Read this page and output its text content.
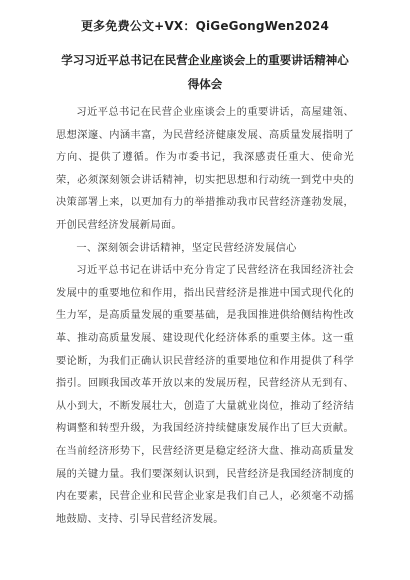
更多免费公文+VX：QiGeGongWen2024
学习习近平总书记在民营企业座谈会上的重要讲话精神心得体会

习近平总书记在民营企业座谈会上的重要讲话，高屋建瓴、思想深邃、内涵丰富，为民营经济健康发展、高质量发展指明了方向、提供了遵循。作为市委书记，我深感责任重大、使命光荣，必须深刻领会讲话精神，切实把思想和行动统一到党中央的决策部署上来，以更加有力的举措推动我市民营经济蓬勃发展，开创民营经济发展新局面。

一、深刻领会讲话精神，坚定民营经济发展信心

习近平总书记在讲话中充分肯定了民营经济在我国经济社会发展中的重要地位和作用，指出民营经济是推进中国式现代化的生力军，是高质量发展的重要基础，是我国推进供给侧结构性改革、推动高质量发展、建设现代化经济体系的重要主体。这一重要论断，为我们正确认识民营经济的重要地位和作用提供了科学指引。回顾我国改革开放以来的发展历程，民营经济从无到有、从小到大，不断发展壮大，创造了大量就业岗位，推动了经济结构调整和转型升级，为我国经济持续健康发展作出了巨大贡献。在当前经济形势下，民营经济更是稳定经济大盘、推动高质量发展的关键力量。我们要深刻认识到，民营经济是我国经济制度的内在要素，民营企业和民营企业家是我们自己人，必须毫不动摇地鼓励、支持、引导民营经济发展。
